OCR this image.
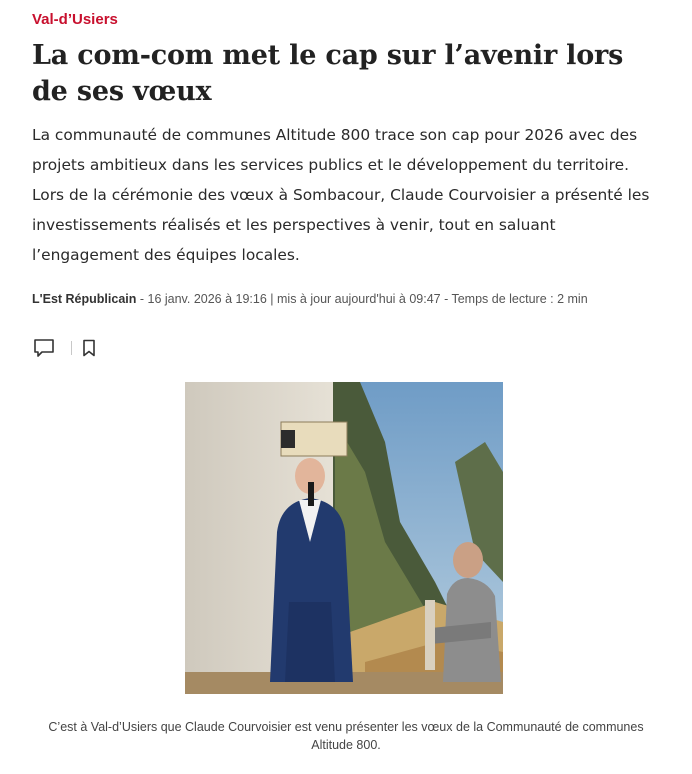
Val-d’Usiers
La com-com met le cap sur l’avenir lors de ses vœux

La communauté de communes Altitude 800 trace son cap pour 2026 avec des projets ambitieux dans les services publics et le développement du territoire. Lors de la cérémonie des vœux à Sombacour, Claude Courvoisier a présenté les investissements réalisés et les perspectives à venir, tout en saluant l’engagement des équipes locales.

L'Est Républicain - 16 janv. 2026 à 19:16 | mis à jour aujourd'hui à 09:47 - Temps de lecture : 2 min

C’est à Val-d’Usiers que Claude Courvoisier est venu présenter les vœux de la Communauté de communes Altitude 800.
